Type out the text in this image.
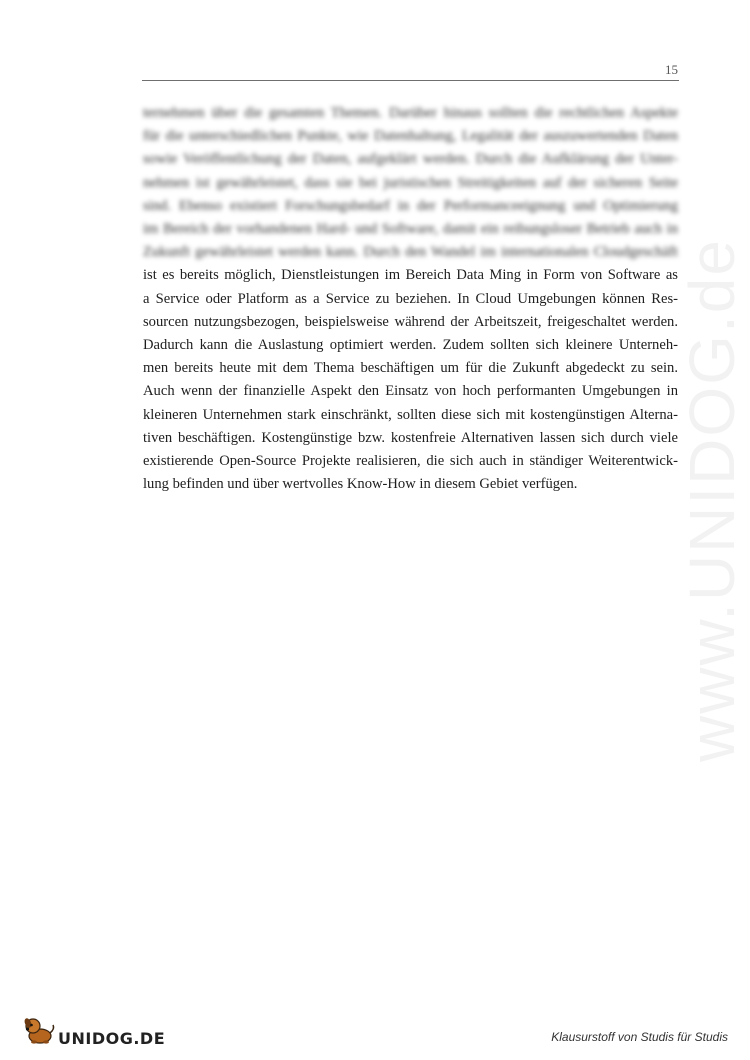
15
ternehmen über die gesamten Themen. Darüber hinaus sollten die rechtlichen Aspekte
für die unterschiedlichen Punkte, wie Datenhaltung, Legalität der auszuwertenden Daten
sowie Veröffentlichung der Daten, aufgeklärt werden. Durch die Aufklärung der Unter-
nehmen ist gewährleistet, dass sie bei juristischen Streitigkeiten auf der sicheren Seite
sind. Ebenso existiert Forschungsbedarf in der Performanceeignung und Optimierung
im Bereich der vorhandenen Hard- und Software, damit ein reibungsloser Betrieb auch in
Zukunft gewährleistet werden kann. Durch den Wandel im internationalen Cloudgeschäft
ist es bereits möglich, Dienstleistungen im Bereich Data Ming in Form von Software as
a Service oder Platform as a Service zu beziehen. In Cloud Umgebungen können Res-
sourcen nutzungsbezogen, beispielsweise während der Arbeitszeit, freigeschaltet werden.
Dadurch kann die Auslastung optimiert werden. Zudem sollten sich kleinere Unterneh-
men bereits heute mit dem Thema beschäftigen um für die Zukunft abgedeckt zu sein.
Auch wenn der finanzielle Aspekt den Einsatz von hoch performanten Umgebungen in
kleineren Unternehmen stark einschränkt, sollten diese sich mit kostengünstigen Alterna-
tiven beschäftigen. Kostengünstige bzw. kostenfreie Alternativen lassen sich durch viele
existierende Open-Source Projekte realisieren, die sich auch in ständiger Weiterentwick-
lung befinden und über wertvolles Know-How in diesem Gebiet verfügen.	www.UNIDOG.de
UNIDOG.DE	Klausurstoff von Studis für Studis
